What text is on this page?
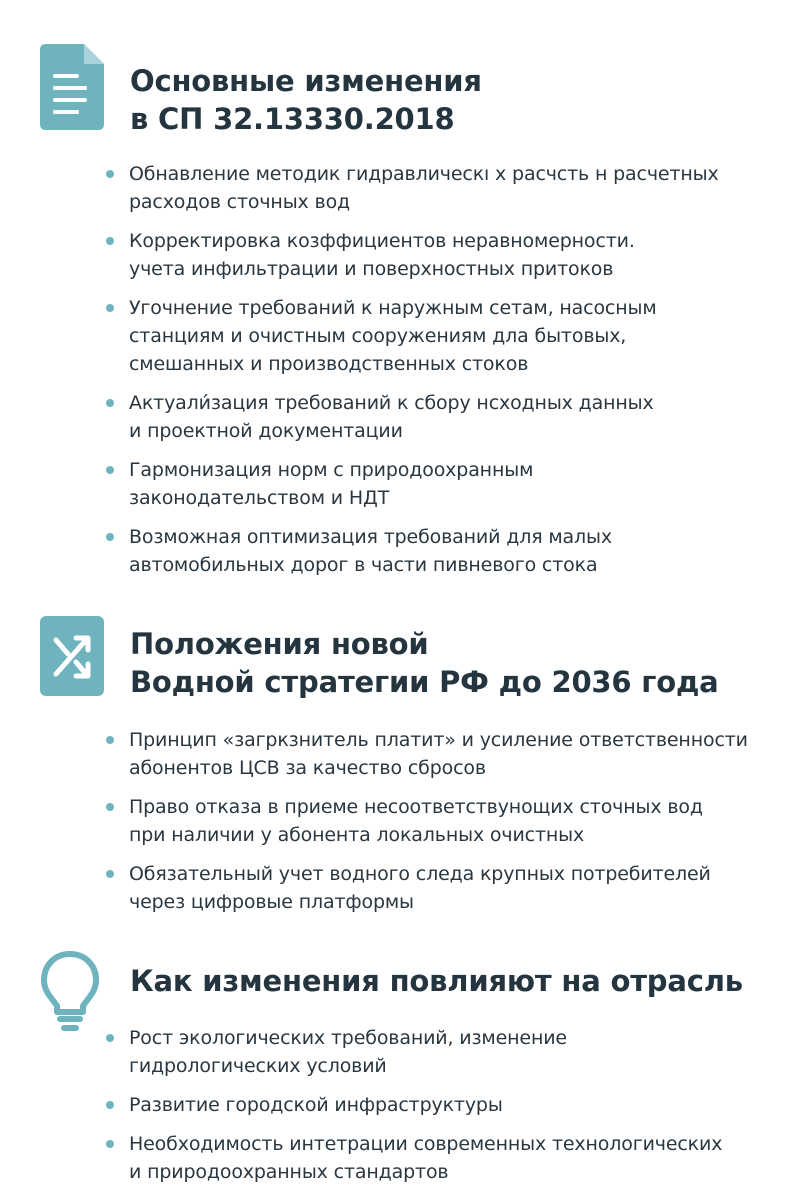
Основные изменения
в СП 32.13330.2018
Обнавление методик гидравлическı х расчсть н расчетных
расходов сточных вод
Корректировка козффициентов неравномерности.
учета инфильтрации и поверхностных притоков
Угочнение требований к наружным сетам, насосным
станциям и очистным сооружениям дла бытовых,
смешанных и производственных стоков
Актуали́зация требований к сбору нсходных данных
и проектной документации
Гармонизация норм с природоохранным
законодательством и НДТ
Возможная оптимизация требований для малых
автомобильных дорог в части пивневого стока
Положения новой
Водной стратегии РФ до 2036 года
Принцип «загркзнитель платит» и усиление ответственности
абонентов ЦСВ за качество сбросов
Право отказа в приеме несоответствунощих сточных вод
при наличии у абонента локальных очистных
Обязательный учет водного следа крупных потребителей
через цифровые платформы
Как изменения повлияют на отрасль
Рост экологических требований, изменение
гидрологических условий
Развитие городской инфраструктуры
Необходимость интетрации современных технологических
и природоохранных стандартов
